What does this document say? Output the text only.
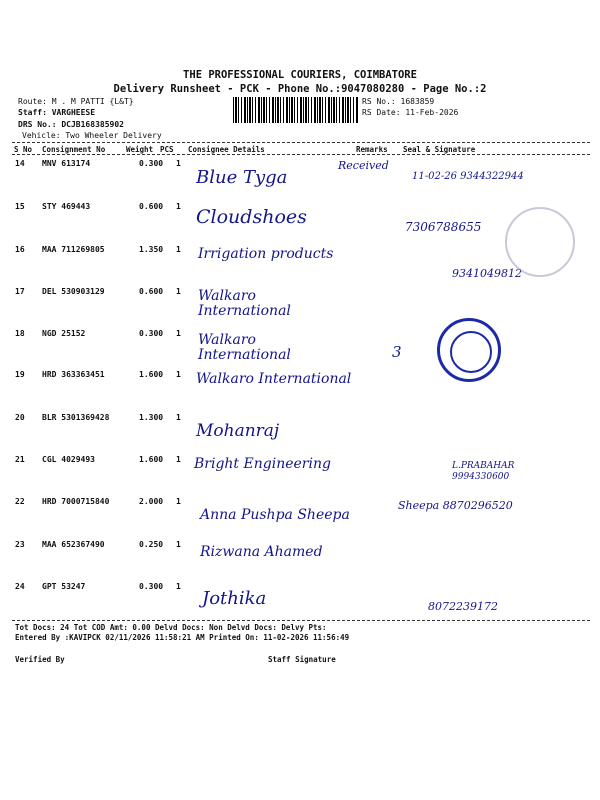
THE PROFESSIONAL COURIERS, COIMBATORE
Delivery Runsheet - PCK - Phone No.:9047080280 - Page No.:2
Route: M . M PATTI {L&T}
Staff: VARGHEESE
DRS No.: DCJB168385902
Vehicle: Two Wheeler Delivery
RS No.: 1683859
RS Date: 11-Feb-2026
S No Consignment No	Weight PCS Consignee Details	Remarks Seal & Signature
14 MNV 613174	0.300 1
Blue Tyga
Received
11-02-26 9344322944
15 STY 469443	0.600 1 Cloudshoes	7306788655
16 MAA 711269805	1.350 1 Irrigation products
9341049812
17 DEL 530903129	0.600 1 Walkaro International
18 NGD 25152	0.300 1 Walkaro International	3
19 HRD 363363451	1.600 1 Walkaro International
20 BLR 5301369428	1.300 1
Mohanraj
21 CGL 4029493	1.600 1 Bright Engineering	L.PRABAHAR 9994330600
22 HRD 7000715840	2.000 1
Anna Pushpa Sheepa
Sheepa 8870296520
23 MAA 652367490	0.250 1 Rizwana Ahamed
24 GPT 53247	0.300 1
Jothika	8072239172
Tot Docs: 24 Tot COD Amt: 0.00 Delvd Docs: Non Delvd Docs: Delvy Pts:
Entered By :KAVIPCK 02/11/2026 11:58:21 AM Printed On: 11-02-2026 11:56:49
Verified By	Staff Signature
